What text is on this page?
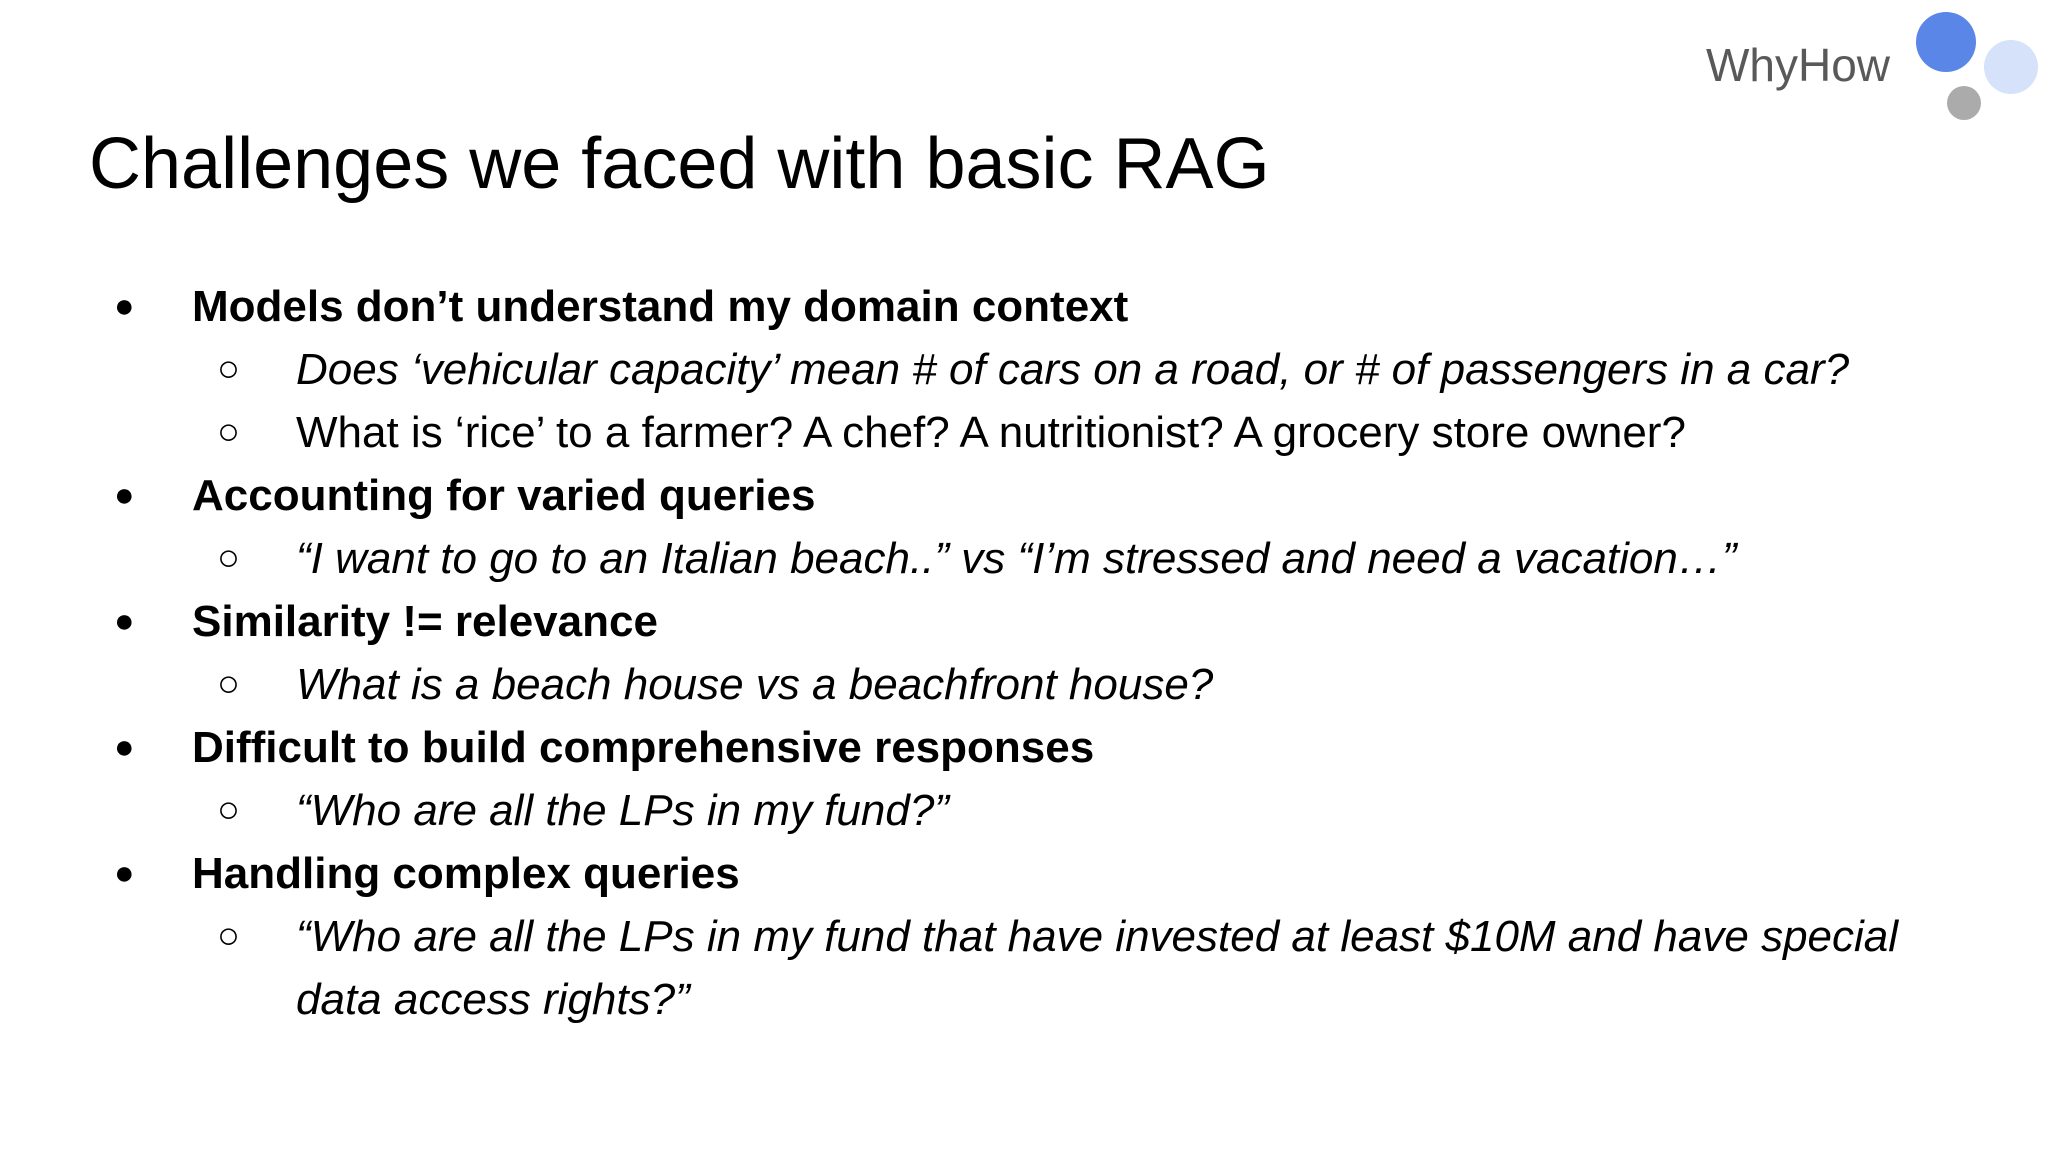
WhyHow
Challenges we faced with basic RAG
● Models don’t understand my domain context
○ Does ‘vehicular capacity’ mean # of cars on a road, or # of passengers in a car?
○ What is ‘rice’ to a farmer? A chef? A nutritionist? A grocery store owner?
● Accounting for varied queries
○ “I want to go to an Italian beach..” vs “I’m stressed and need a vacation…”
● Similarity != relevance
○ What is a beach house vs a beachfront house?
● Difficult to build comprehensive responses
○ “Who are all the LPs in my fund?”
● Handling complex queries
○ “Who are all the LPs in my fund that have invested at least $10M and have special
data access rights?”
